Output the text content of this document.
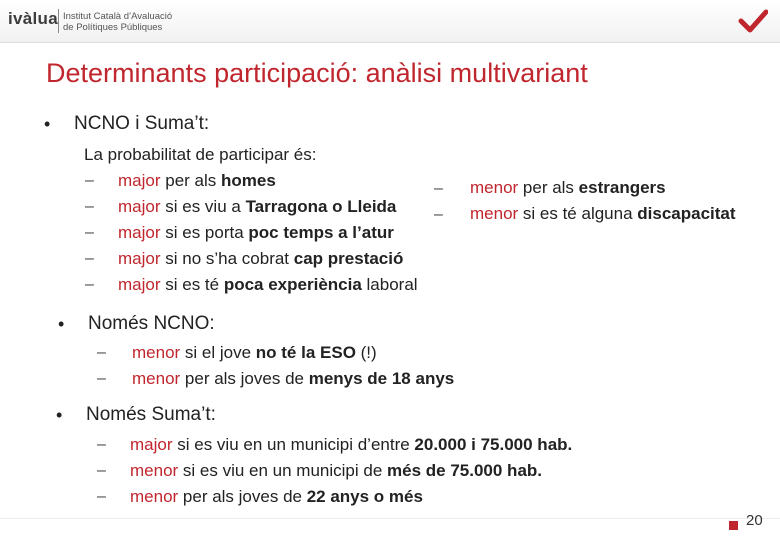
ivàlua Institut Català d’Avaluació
de Polítiques Públiques
Determinants participació: anàlisi multivariant
• NCNO i Suma’t:
La probabilitat de participar és:
– major per als homes
– major si es viu a Tarragona o Lleida
– major si es porta poc temps a l’atur
– major si no s’ha cobrat cap prestació
– major si es té poca experiència laboral
– menor per als estrangers
– menor si es té alguna discapacitat
• Només NCNO:
– menor si el jove no té la ESO (!)
– menor per als joves de menys de 18 anys
• Només Suma’t:
– major si es viu en un municipi d’entre 20.000 i 75.000 hab.
– menor si es viu en un municipi de més de 75.000 hab.
– menor per als joves de 22 anys o més
20
